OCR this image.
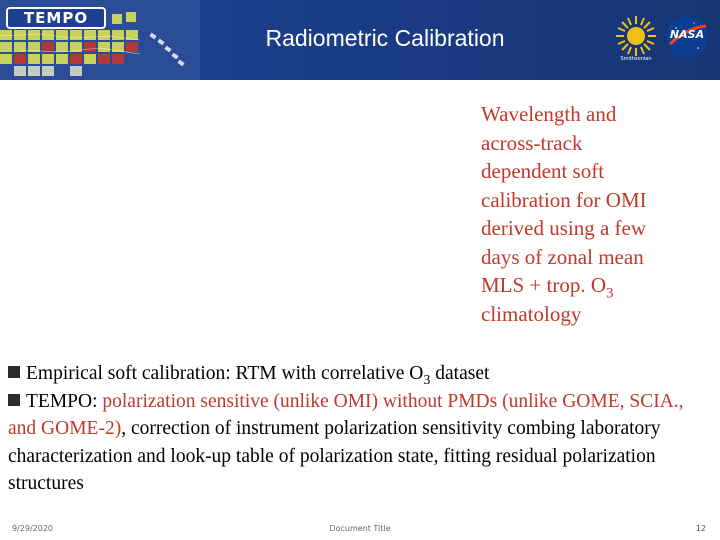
TEMPO
Radiometric Calibration
Smithsonian
NASA
Wavelength and
across-track
dependent soft
calibration for OMI
derived using a few
days of zonal mean
MLS + trop. $O_3$
climatology
Empirical soft calibration: RTM with correlative $O_3$ dataset
TEMPO: polarization sensitive (unlike OMI) without PMDs (unlike GOME, SCIA., and GOME-2), correction of instrument polarization sensitivity combing laboratory characterization and look-up table of polarization state, fitting residual polarization structures
9/29/2020	Document Title	12
